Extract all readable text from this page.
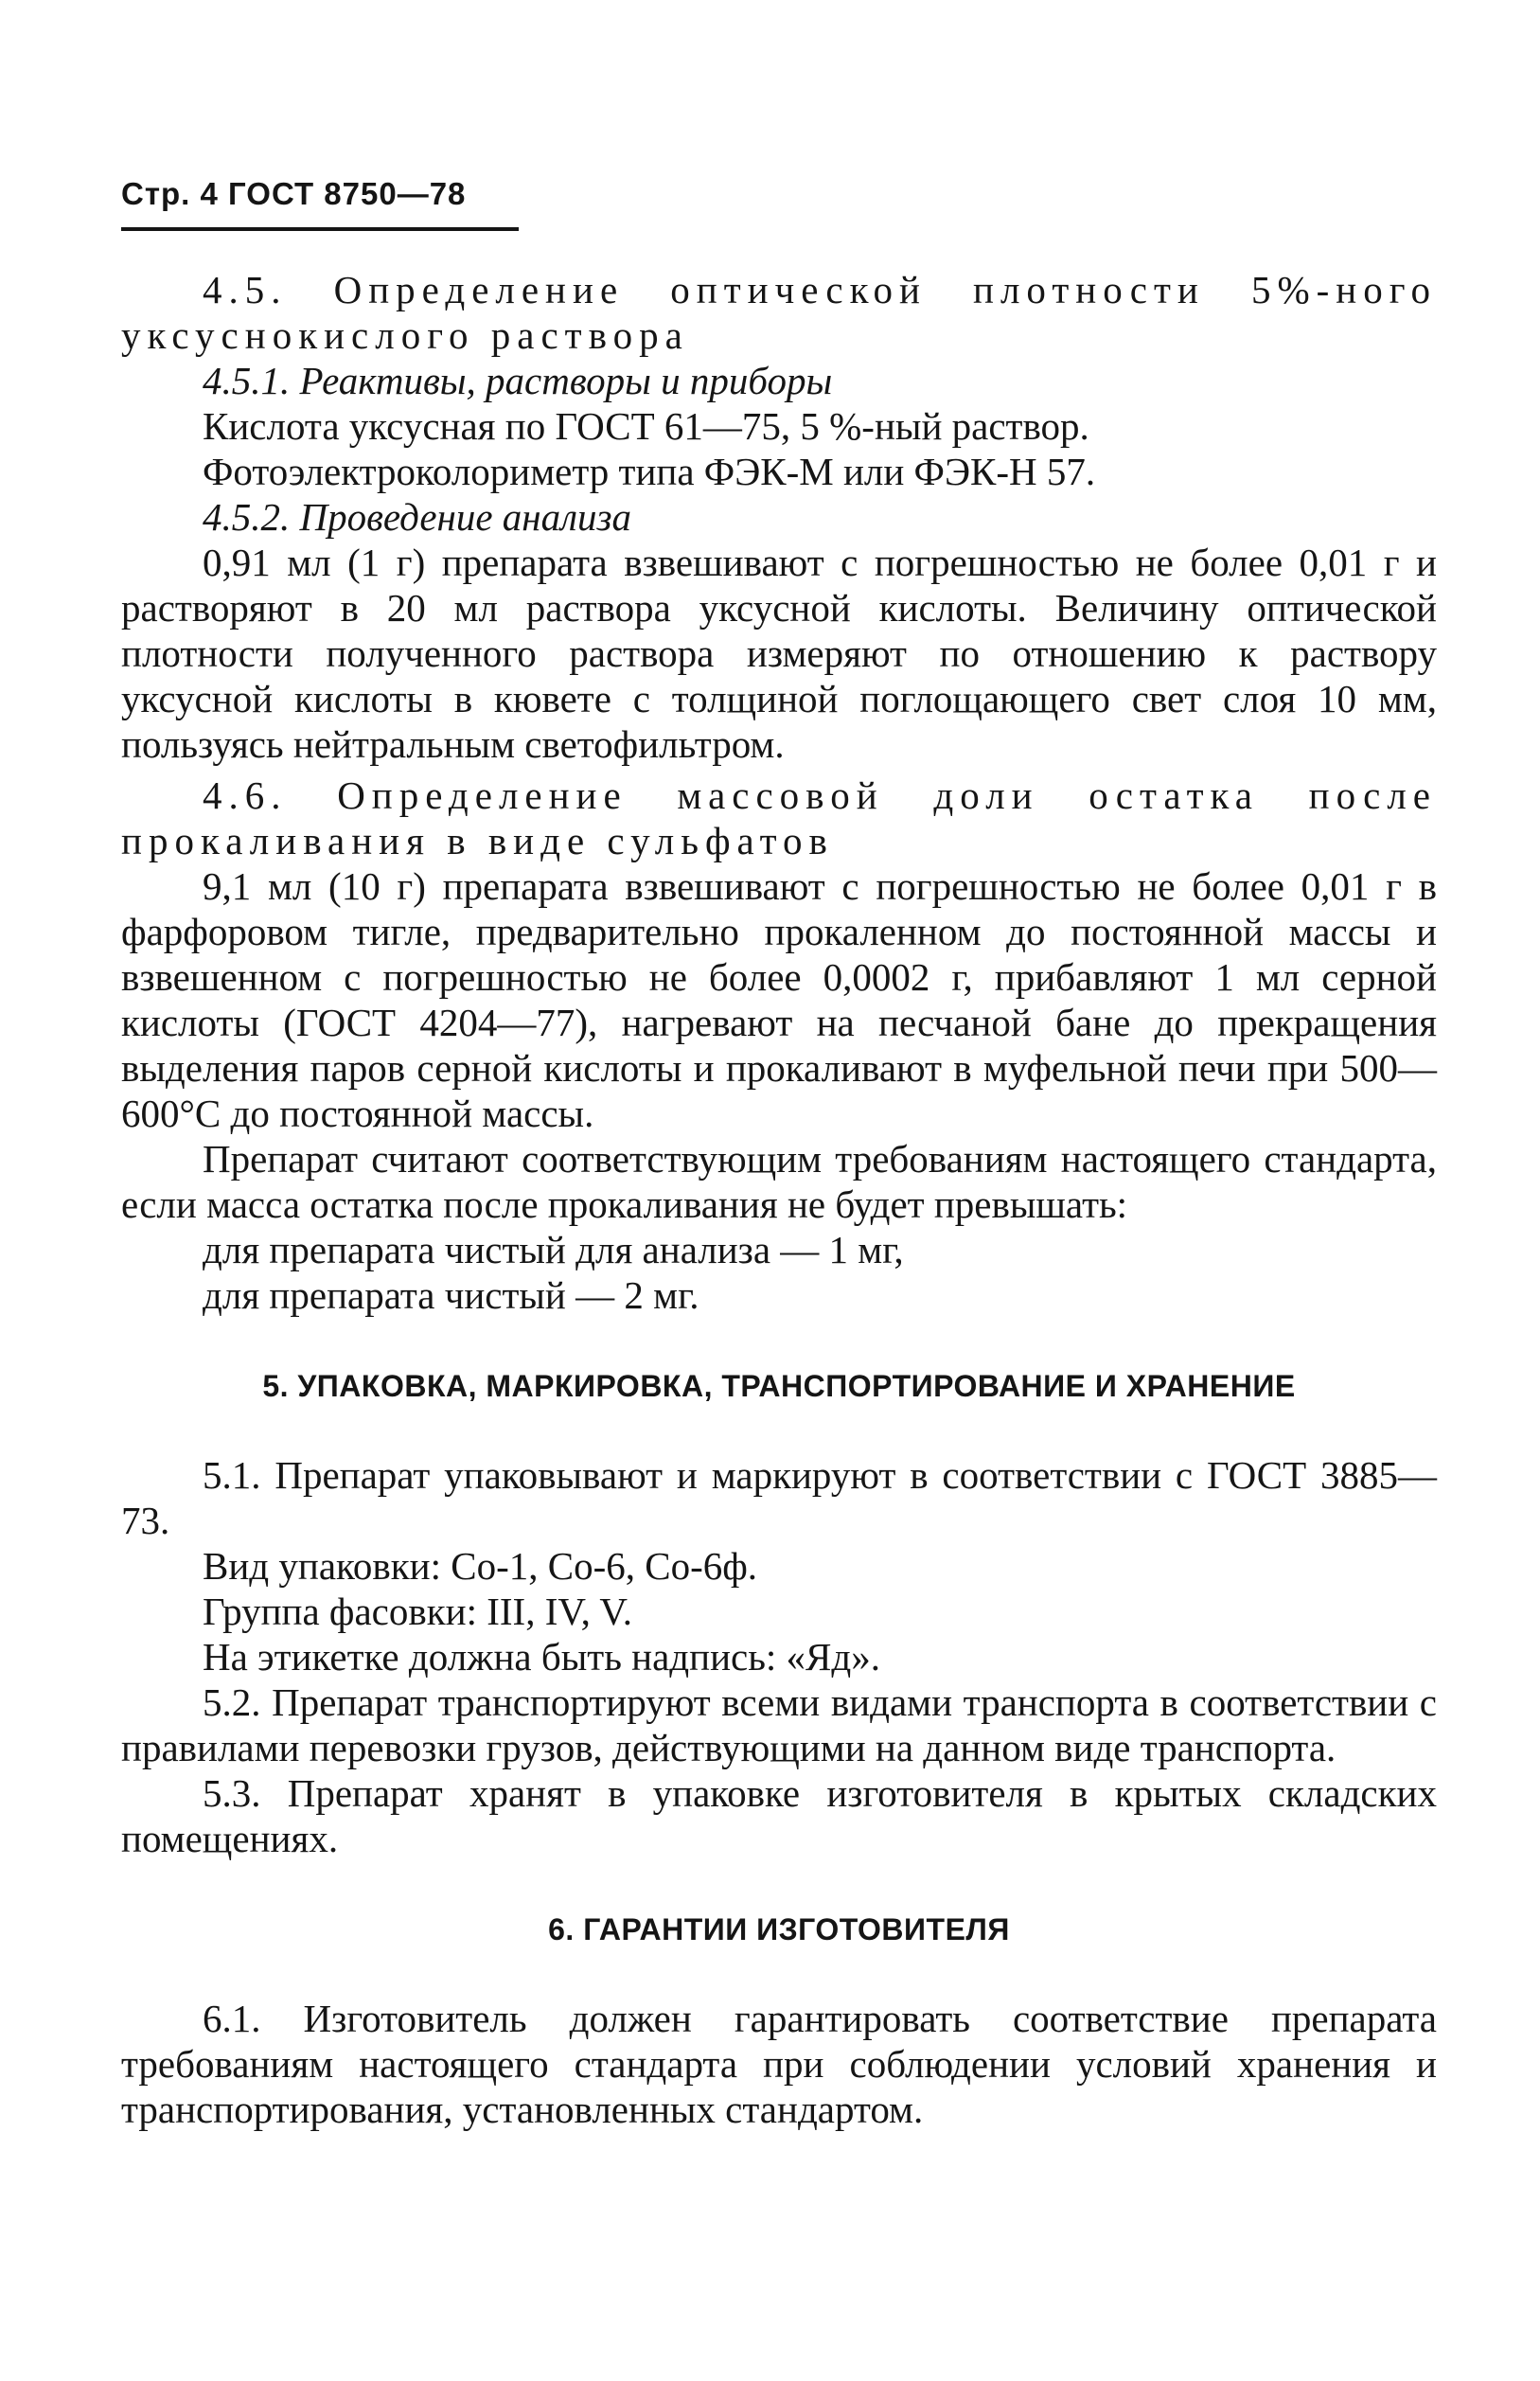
Стр. 4 ГОСТ 8750—78

4.5. Определение оптической плотности 5%-ного уксуснокислого раствора

4.5.1. Реактивы, растворы и приборы

Кислота уксусная по ГОСТ 61—75, 5 %-ный раствор.

Фотоэлектроколориметр типа ФЭК-М или ФЭК-Н 57.

4.5.2. Проведение анализа

0,91 мл (1 г) препарата взвешивают с погрешностью не более 0,01 г и растворяют в 20 мл раствора уксусной кислоты. Величину оптической плотности полученного раствора измеряют по отношению к раствору уксусной кислоты в кювете с толщиной поглощающего свет слоя 10 мм, пользуясь нейтральным светофильтром.

4.6. Определение массовой доли остатка после прокаливания в виде сульфатов

9,1 мл (10 г) препарата взвешивают с погрешностью не более 0,01 г в фарфоровом тигле, предварительно прокаленном до постоянной массы и взвешенном с погрешностью не более 0,0002 г, прибавляют 1 мл серной кислоты (ГОСТ 4204—77), нагревают на песчаной бане до прекращения выделения паров серной кислоты и прокаливают в муфельной печи при 500—600°С до постоянной массы.

Препарат считают соответствующим требованиям настоящего стандарта, если масса остатка после прокаливания не будет превышать:

для препарата чистый для анализа — 1 мг,

для препарата чистый — 2 мг.

5. УПАКОВКА, МАРКИРОВКА, ТРАНСПОРТИРОВАНИЕ И ХРАНЕНИЕ

5.1. Препарат упаковывают и маркируют в соответствии с ГОСТ 3885—73.

Вид упаковки: Со-1, Со-6, Со-6ф.

Группа фасовки: III, IV, V.

На этикетке должна быть надпись: «Яд».

5.2. Препарат транспортируют всеми видами транспорта в соответствии с правилами перевозки грузов, действующими на данном виде транспорта.

5.3. Препарат хранят в упаковке изготовителя в крытых складских помещениях.

6. ГАРАНТИИ ИЗГОТОВИТЕЛЯ

6.1. Изготовитель должен гарантировать соответствие препарата требованиям настоящего стандарта при соблюдении условий хранения и транспортирования, установленных стандартом.
